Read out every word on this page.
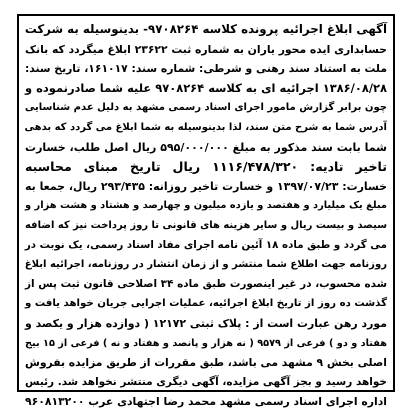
آگهی ابلاغ اجرائیه پرونده کلاسه ۹۷۰۸۲۶۴- بدینوسیله به شرکت
حسابداری ایده محور یاران به شماره ثبت ۲۳۶۲۲ ابلاغ میگردد که بانک
ملت به استناد سند رهنی و شرطی: شماره سند: ۱۶۱۰۱۷، تاریخ سند:
۱۳۸۶/۰۸/۲۸ اجرائیه ای به کلاسه ۹۷۰۸۲۶۴ علیه شما صادرنموده و
چون برابر گزارش مامور اجرای اسناد رسمی مشهد به دلیل عدم شناسایی
آدرس شما به شرح متن سند، لذا بدینوسیله به شما ابلاغ می گردد که بدهی
شما بابت سند مذکور به مبلغ ۵۹۵/۰۰۰/۰۰۰ ریال اصل طلب، خسارت
تاخیر تادیه: ۱۱۱۶/۴۷۸/۳۲۰ ریال تاریخ مبنای محاسبه
خسارت: ۱۳۹۷/۰۷/۲۳ و خسارت تاخیر روزانه: ۲۹۳/۴۳۵ ریال، جمعا به
مبلغ یک میلیارد و هفتصد و یازده میلیون و چهارصد و هشتاد و هشت هزار و
سیصد و بیست ریال و سایر هزینه های قانونی تا روز پرداخت نیز که اضافه
می گردد و طبق ماده ۱۸ آئین نامه اجرای مفاد اسناد رسمی، یک نوبت در
روزنامه جهت اطلاع شما منتشر و از زمان انتشار در روزنامه، اجرائیه ابلاغ
شده محسوب، در غیر اینصورت طبق ماده ۳۴ اصلاحی قانون ثبت پس از
گذشت ده روز از تاریخ ابلاغ اجرائیه، عملیات اجرایی جریان خواهد یافت و
مورد رهن عبارت است از : پلاک ثبتی ۱۲۱۷۲ ( دوازده هزار و یکصد و
هفتاد و دو ) فرعی از ۹۵۷۹ ( نه هزار و پانصد و هفتاد و نه ) فرعی از ۱۵ بیج
اصلی بخش ۹ مشهد می باشد، طبق مقررات از طریق مزایده بفروش
خواهد رسید و بجز آگهی مزایده، آگهی دیگری منتشر نخواهد شد. رئیس
اداره اجرای اسناد رسمی مشهد محمد رضا اجتهادی عرب ۹۶۰۸۱۳۲۰۰
